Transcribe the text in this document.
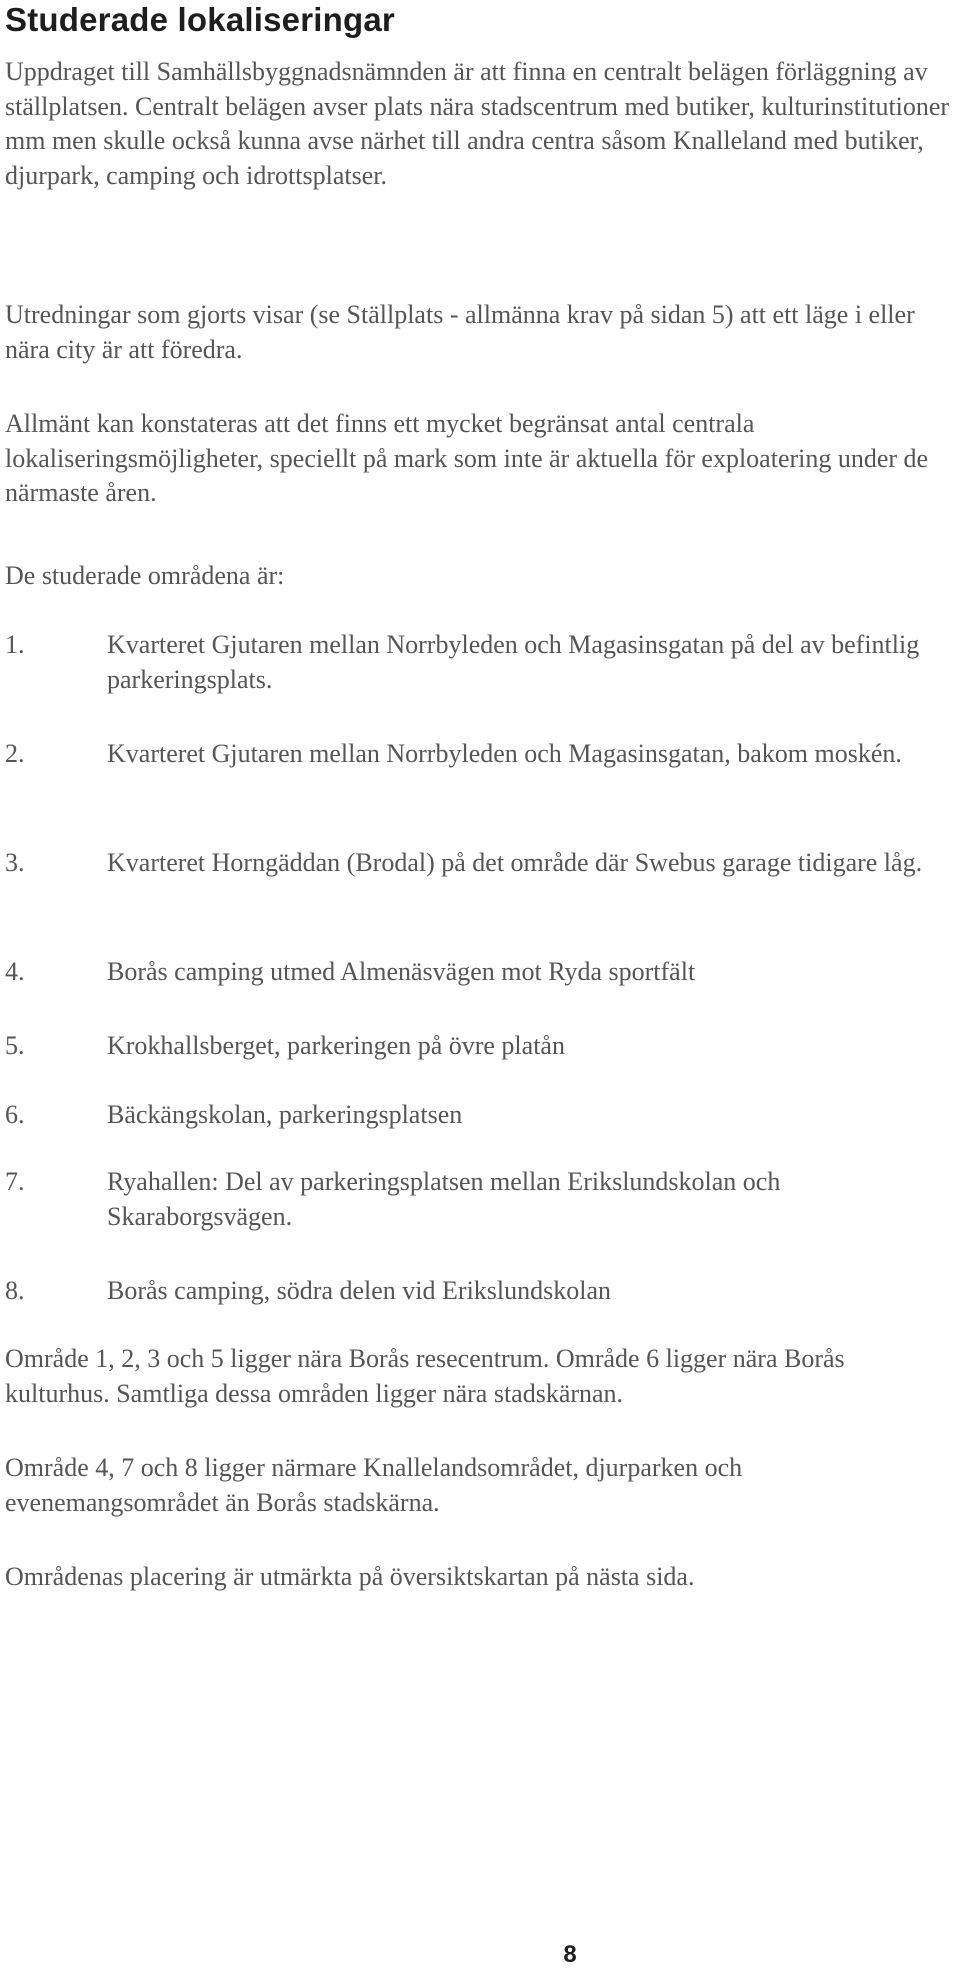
Studerade lokaliseringar

Uppdraget till Samhällsbyggnadsnämnden är att finna en centralt belägen förläggning av ställplatsen. Centralt belägen avser plats nära stadscentrum med butiker, kulturinstitutioner mm men skulle också kunna avse närhet till andra centra såsom Knalleland med butiker, djurpark, camping och idrottsplatser.

Utredningar som gjorts visar (se Ställplats - allmänna krav på sidan 5) att ett läge i eller nära city är att föredra.

Allmänt kan konstateras att det finns ett mycket begränsat antal centrala lokaliseringsmöjligheter, speciellt på mark som inte är aktuella för exploatering under de närmaste åren.

De studerade områdena är:

1.	Kvarteret Gjutaren mellan Norrbyleden och Magasinsgatan på del av befintlig parkeringsplats.
2.	Kvarteret Gjutaren mellan Norrbyleden och Magasinsgatan, bakom moskén.
3.	Kvarteret Horngäddan (Brodal) på det område där Swebus garage tidigare låg.
4.	Borås camping utmed Almenäsvägen mot Ryda sportfält
5.	Krokhallsberget, parkeringen på övre platån
6.	Bäckängskolan, parkeringsplatsen
7.	Ryahallen: Del av parkeringsplatsen mellan Erikslundskolan och Skaraborgsvägen.
8.	Borås camping, södra delen vid Erikslundskolan

Område 1, 2, 3 och 5 ligger nära Borås resecentrum. Område 6 ligger nära Borås kulturhus. Samtliga dessa områden ligger nära stadskärnan.

Område 4, 7 och 8 ligger närmare Knallelandsområdet, djurparken och evenemangsområdet än Borås stadskärna.

Områdenas placering är utmärkta på översiktskartan på nästa sida.

8
